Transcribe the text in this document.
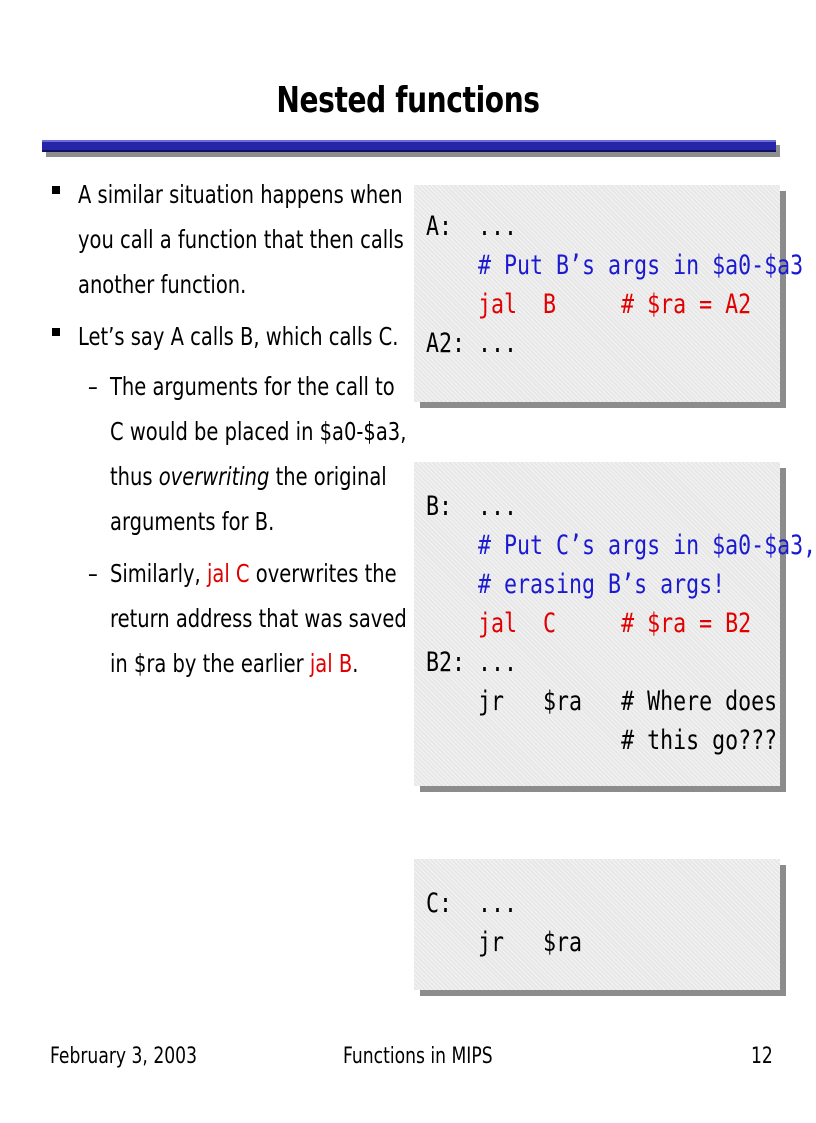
Nested functions
A similar situation happens when
you call a function that then calls
another function.
Let’s say A calls B, which calls C.
– The arguments for the call to
C would be placed in $a0-$a3,
thus overwriting the original
arguments for B.
– Similarly, jal C overwrites the
return address that was saved
in $ra by the earlier jal B.
A:  ...
# Put B’s args in $a0-$a3
jal  B     # $ra = A2
A2: ...
B:  ...
# Put C’s args in $a0-$a3,
# erasing B’s args!
jal  C     # $ra = B2
B2: ...
jr   $ra   # Where does
# this go???
C:  ...
jr   $ra
February 3, 2003	Functions in MIPS	12
